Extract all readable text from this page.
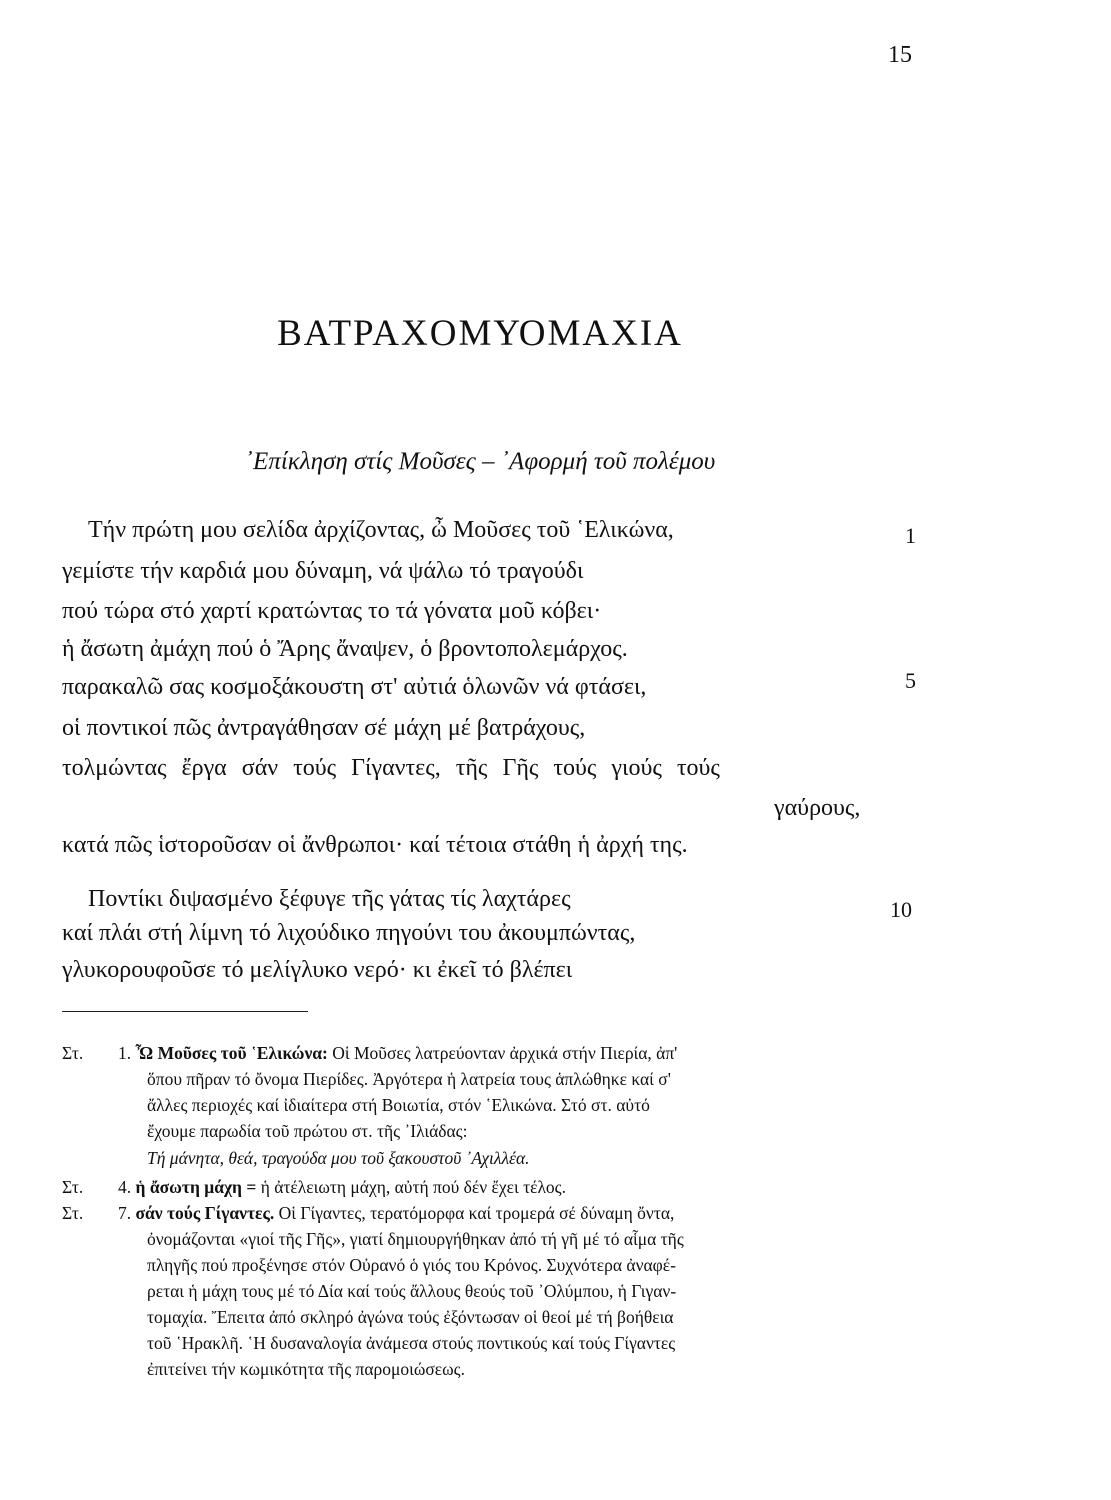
15
ΒΑΤΡΑΧΟΜΥΟΜΑΧΙΑ
᾿Επίκληση στίς Μοῦσες – ᾿Αφορμή τοῦ πολέμου
Τήν πρώτη μου σελίδα ἀρχίζοντας, ὦ Μοῦσες τοῦ ῾Ελικώνα,
γεμίστε τήν καρδιά μου δύναμη, νά ψάλω τό τραγούδι
πού τώρα στό χαρτί κρατώντας το τά γόνατα μοῦ κόβει·
ἡ ἄσωτη ἀμάχη πού ὁ Ἄρης ἄναψεν, ὁ βροντοπολεμάρχος.
παρακαλῶ σας κοσμοξάκουστη στ' αὐτιά ὁλωνῶν νά φτάσει,
οἱ ποντικοί πῶς ἀντραγάθησαν σέ μάχη μέ βατράχους,
τολμώντας ἔργα σάν τούς Γίγαντες, τῆς Γῆς τούς γιούς τούς
γαύρους,
κατά πῶς ἱστοροῦσαν οἱ ἄνθρωποι· καί τέτοια στάθη ἡ ἀρχή της.
Ποντίκι διψασμένο ξέφυγε τῆς γάτας τίς λαχτάρες
καί πλάι στή λίμνη τό λιχούδικο πηγούνι του ἀκουμπώντας,
γλυκορουφοῦσε τό μελίγλυκο νερό· κι ἐκεῖ τό βλέπει
1
5
10
Στ. 1. Ὦ Μοῦσες τοῦ ῾Ελικώνα: Οἱ Μοῦσες λατρεύονταν ἀρχικά στήν Πιερία, ἀπ'
ὅπου πῆραν τό ὄνομα Πιερίδες. Ἀργότερα ἡ λατρεία τους ἁπλώθηκε καί σ'
ἄλλες περιοχές καί ἰδιαίτερα στή Βοιωτία, στόν ῾Ελικώνα. Στό στ. αὐτό
ἔχουμε παρωδία τοῦ πρώτου στ. τῆς ᾿Ιλιάδας:
Τή μάνητα, θεά, τραγούδα μου τοῦ ξακουστοῦ ᾿Αχιλλέα.
Στ. 4. ἡ ἄσωτη μάχη = ἡ ἀτέλειωτη μάχη, αὐτή πού δέν ἔχει τέλος.
Στ. 7. σάν τούς Γίγαντες. Οἱ Γίγαντες, τερατόμορφα καί τρομερά σέ δύναμη ὄντα,
ὀνομάζονται «γιοί τῆς Γῆς», γιατί δημιουργήθηκαν ἀπό τή γῆ μέ τό αἷμα τῆς
πληγῆς πού προξένησε στόν Οὐρανό ὁ γιός του Κρόνος. Συχνότερα ἀναφέ-
ρεται ἡ μάχη τους μέ τό Δία καί τούς ἄλλους θεούς τοῦ ᾿Ολύμπου, ἡ Γιγαν-
τομαχία. Ἔπειτα ἀπό σκληρό ἀγώνα τούς ἐξόντωσαν οἱ θεοί μέ τή βοήθεια
τοῦ ῾Ηρακλῆ. ῾Η δυσαναλογία ἀνάμεσα στούς ποντικούς καί τούς Γίγαντες
ἐπιτείνει τήν κωμικότητα τῆς παρομοιώσεως.
